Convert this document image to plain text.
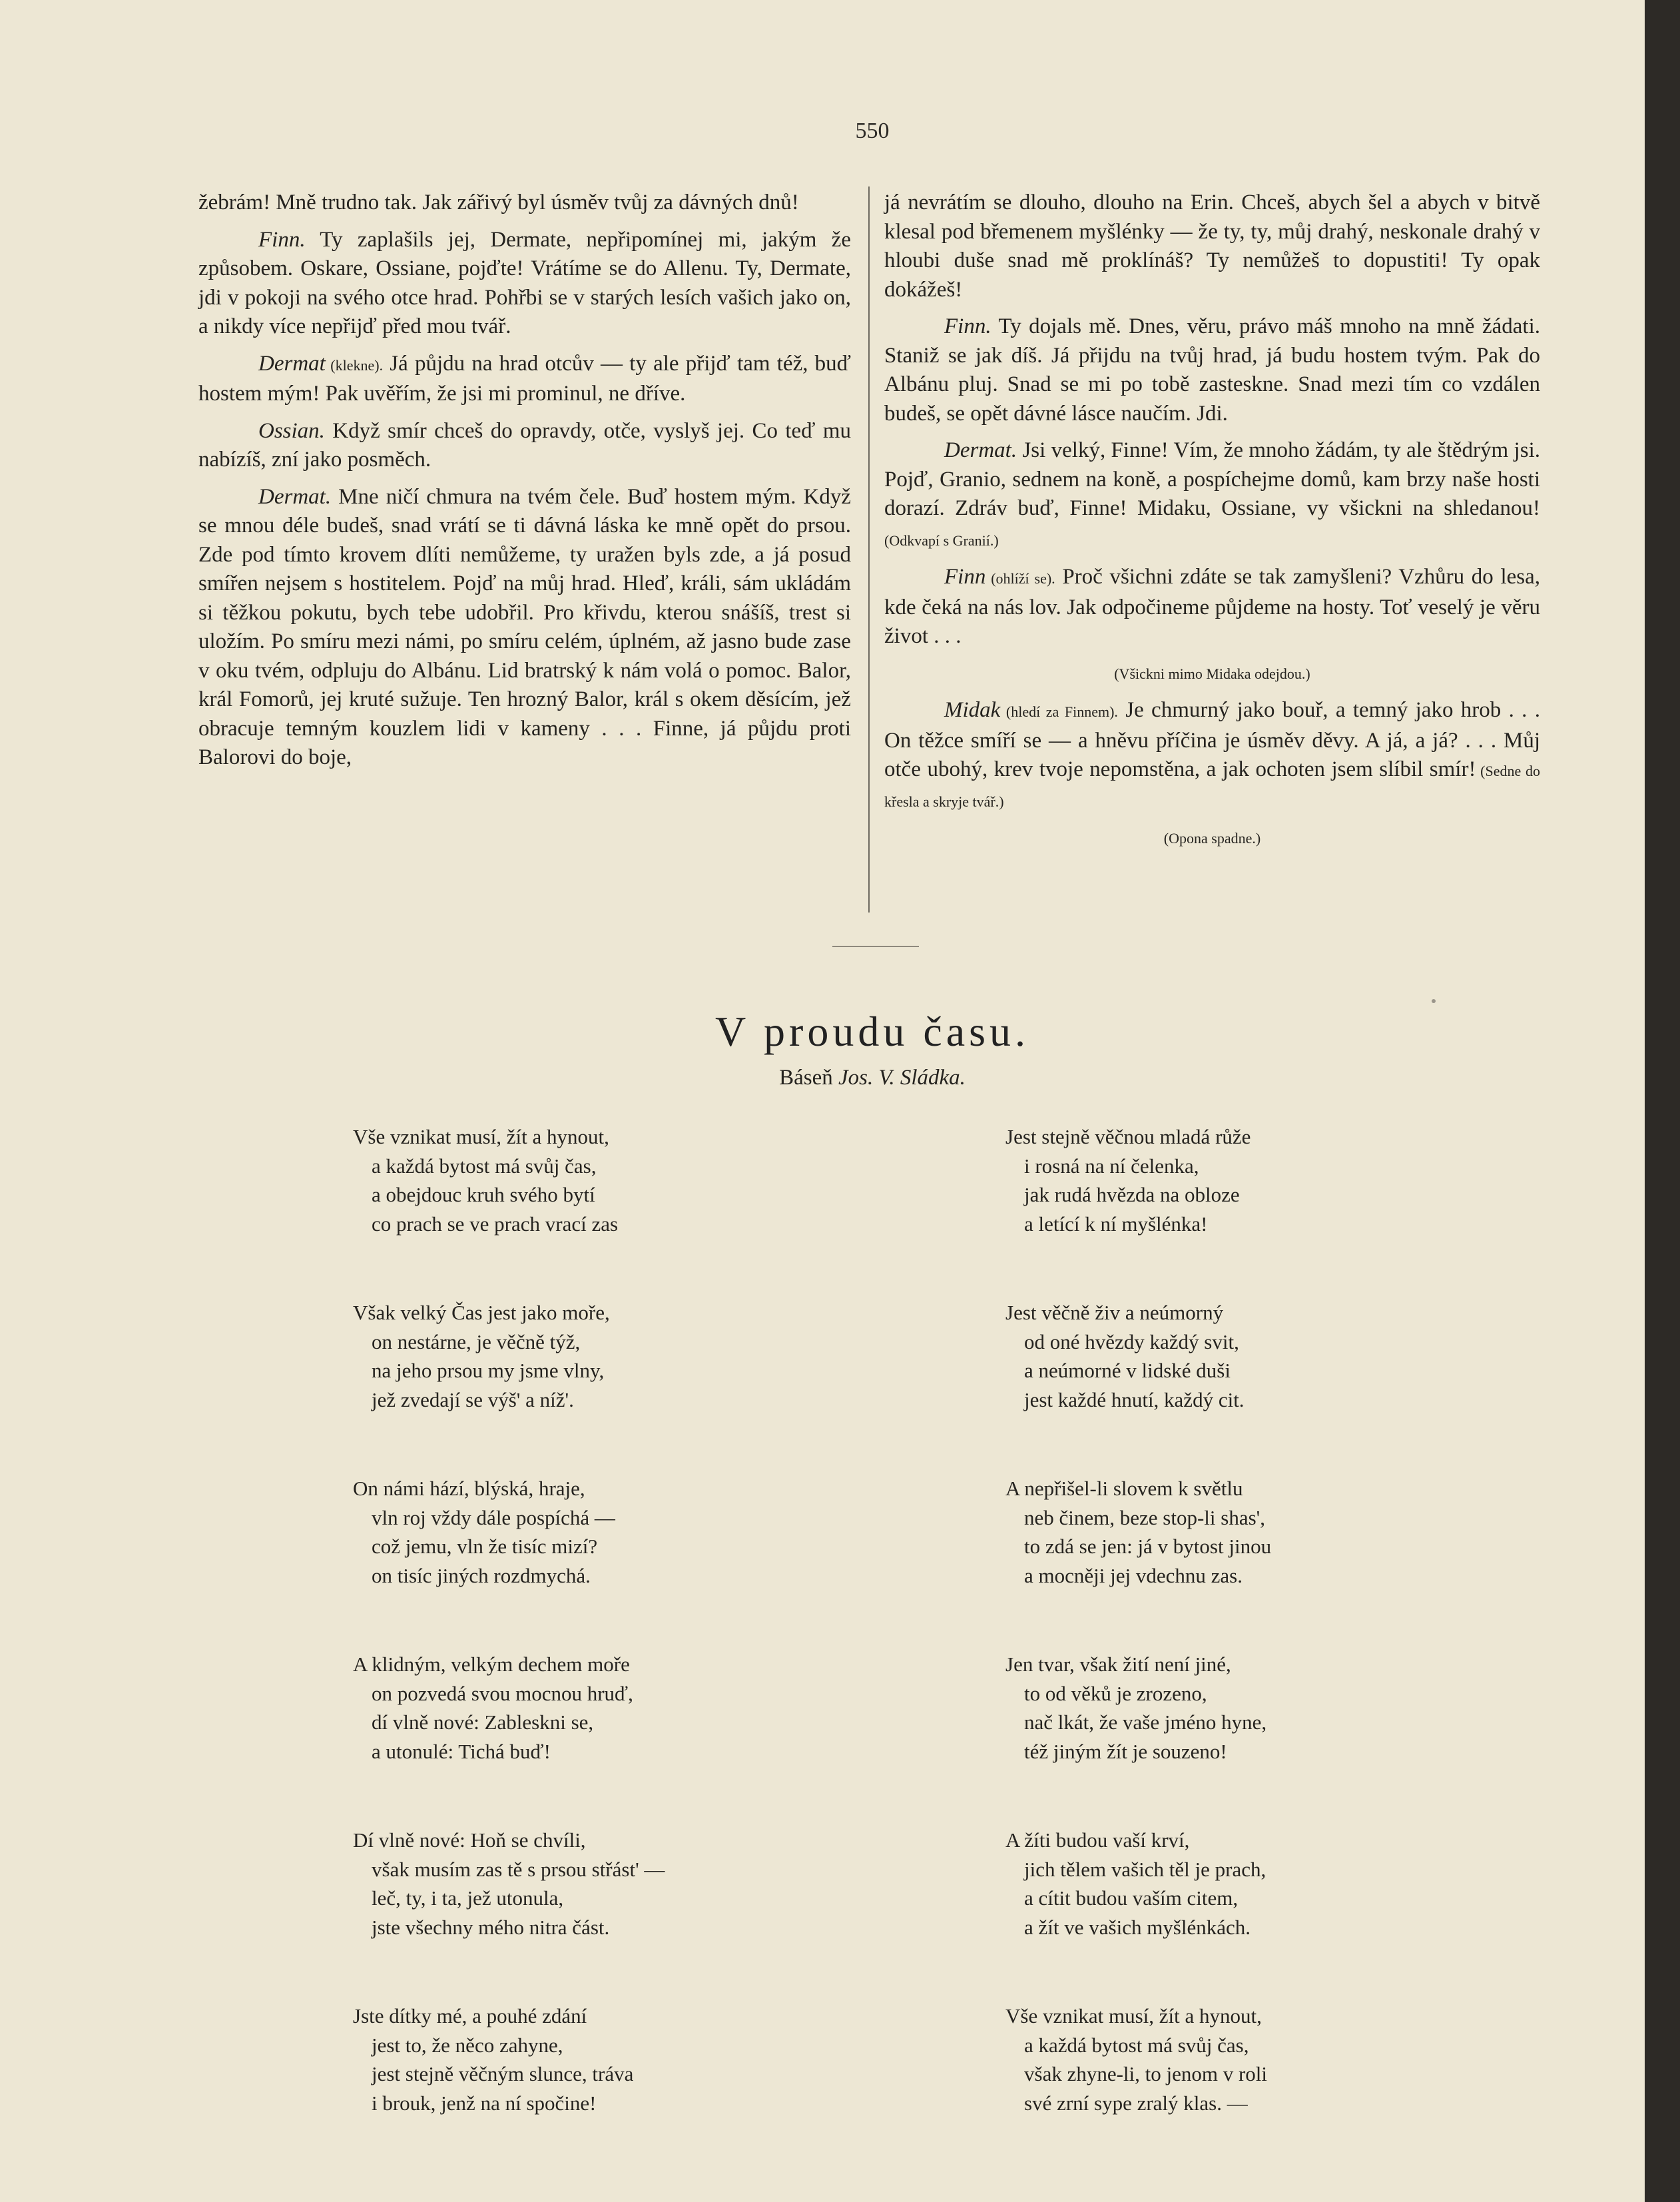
550

žebrám! Mně trudno tak. Jak zářivý byl úsměv tvůj za dávných dnů!

Finn. Ty zaplašils jej, Dermate, nepřipomínej mi, jakým že způsobem. Oskare, Ossiane, pojďte! Vrátíme se do Allenu. Ty, Dermate, jdi v pokoji na svého otce hrad. Pohřbi se v starých lesích vašich jako on, a nikdy více nepřijď před mou tvář.

Dermat (klekne). Já půjdu na hrad otcův — ty ale přijď tam též, buď hostem mým! Pak uvěřím, že jsi mi prominul, ne dříve.

Ossian. Když smír chceš do opravdy, otče, vyslyš jej. Co teď mu nabízíš, zní jako posměch.

Dermat. Mne ničí chmura na tvém čele. Buď hostem mým. Když se mnou déle budeš, snad vrátí se ti dávná láska ke mně opět do prsou. Zde pod tímto krovem dlíti nemůžeme, ty uražen byls zde, a já posud smířen nejsem s hostitelem. Pojď na můj hrad. Hleď, králi, sám ukládám si těžkou pokutu, bych tebe udobřil. Pro křivdu, kterou snášíš, trest si uložím. Po smíru mezi námi, po smíru celém, úplném, až jasno bude zase v oku tvém, odpluju do Albánu. Lid bratrský k nám volá o pomoc. Balor, král Fomorů, jej kruté sužuje. Ten hrozný Balor, král s okem děsícím, jež obracuje temným kouzlem lidi v kameny . . . Finne, já půjdu proti Balorovi do boje,

já nevrátím se dlouho, dlouho na Erin. Chceš, abych šel a abych v bitvě klesal pod břemenem myšlénky — že ty, ty, můj drahý, neskonale drahý v hloubi duše snad mě proklínáš? Ty nemůžeš to dopustiti! Ty opak dokážeš!

Finn. Ty dojals mě. Dnes, věru, právo máš mnoho na mně žádati. Staniž se jak díš. Já přijdu na tvůj hrad, já budu hostem tvým. Pak do Albánu pluj. Snad se mi po tobě zasteskne. Snad mezi tím co vzdálen budeš, se opět dávné lásce naučím. Jdi.

Dermat. Jsi velký, Finne! Vím, že mnoho žádám, ty ale štědrým jsi. Pojď, Granio, sednem na koně, a pospíchejme domů, kam brzy naše hosti dorazí. Zdráv buď, Finne! Midaku, Ossiane, vy všickni na shledanou! (Odkvapí s Granií.)

Finn (ohlíží se). Proč všichni zdáte se tak zamyšleni? Vzhůru do lesa, kde čeká na nás lov. Jak odpočineme půjdeme na hosty. Toť veselý je věru život . . .

(Všickni mimo Midaka odejdou.)

Midak (hledí za Finnem). Je chmurný jako bouř, a temný jako hrob . . . On těžce smíří se — a hněvu příčina je úsměv děvy. A já, a já? . . . Můj otče ubohý, krev tvoje nepomstěna, a jak ochoten jsem slíbil smír! (Sedne do křesla a skryje tvář.)

(Opona spadne.)

V proudu času.
Báseň Jos. V. Sládka.
Vše vznikat musí, žít a hynout,
a každá bytost má svůj čas,
a obejdouc kruh svého bytí
co prach se ve prach vrací zas
Však velký Čas jest jako moře,
on nestárne, je věčně týž,
na jeho prsou my jsme vlny,
jež zvedají se výš' a níž'.
On námi hází, blýská, hraje,
vln roj vždy dále pospíchá —
což jemu, vln že tisíc mizí?
on tisíc jiných rozdmychá.
A klidným, velkým dechem moře
on pozvedá svou mocnou hruď,
dí vlně nové: Zableskni se,
a utonulé: Tichá buď!
Dí vlně nové: Hoň se chvíli,
však musím zas tě s prsou střást' —
leč, ty, i ta, jež utonula,
jste všechny mého nitra část.
Jste dítky mé, a pouhé zdání
jest to, že něco zahyne,
jest stejně věčným slunce, tráva
i brouk, jenž na ní spočine!
Jest stejně věčnou mladá růže
i rosná na ní čelenka,
jak rudá hvězda na obloze
a letící k ní myšlénka!
Jest věčně živ a neúmorný
od oné hvězdy každý svit,
a neúmorné v lidské duši
jest každé hnutí, každý cit.
A nepřišel-li slovem k světlu
neb činem, beze stop-li shas',
to zdá se jen: já v bytost jinou
a mocněji jej vdechnu zas.
Jen tvar, však žití není jiné,
to od věků je zrozeno,
nač lkát, že vaše jméno hyne,
též jiným žít je souzeno!
A žíti budou vaší krví,
jich tělem vašich těl je prach,
a cítit budou vaším citem,
a žít ve vašich myšlénkách.
Vše vznikat musí, žít a hynout,
a každá bytost má svůj čas,
však zhyne-li, to jenom v roli
své zrní sype zralý klas. —
